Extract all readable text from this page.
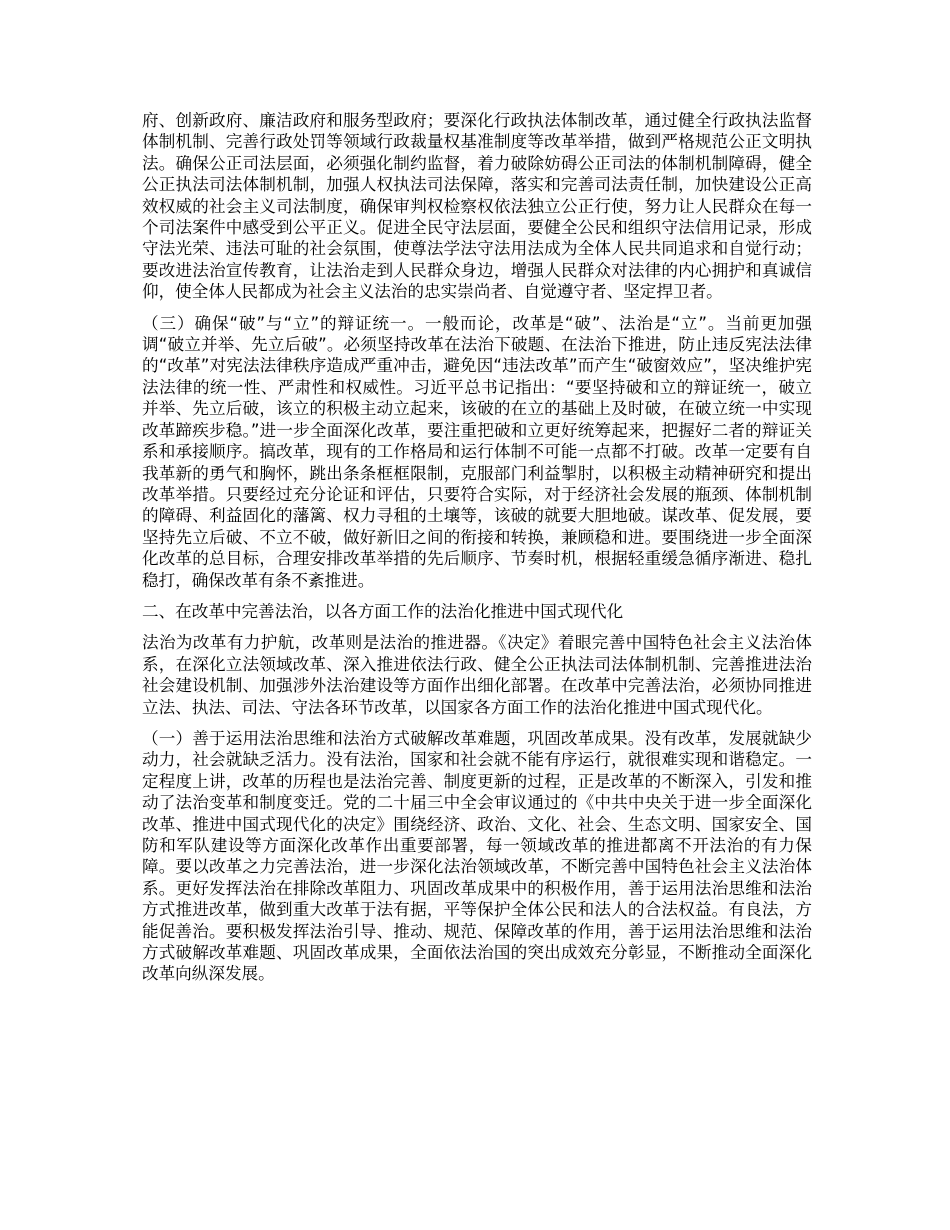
府、创新政府、廉洁政府和服务型政府；要深化行政执法体制改革，通过健全行政执法监督体制机制、完善行政处罚等领域行政裁量权基准制度等改革举措，做到严格规范公正文明执法。确保公正司法层面，必须强化制约监督，着力破除妨碍公正司法的体制机制障碍，健全公正执法司法体制机制，加强人权执法司法保障，落实和完善司法责任制，加快建设公正高效权威的社会主义司法制度，确保审判权检察权依法独立公正行使，努力让人民群众在每一个司法案件中感受到公平正义。促进全民守法层面，要健全公民和组织守法信用记录，形成守法光荣、违法可耻的社会氛围，使尊法学法守法用法成为全体人民共同追求和自觉行动；要改进法治宣传教育，让法治走到人民群众身边，增强人民群众对法律的内心拥护和真诚信仰，使全体人民都成为社会主义法治的忠实崇尚者、自觉遵守者、坚定捍卫者。

（三）确保“破”与“立”的辩证统一。一般而论，改革是“破”、法治是“立”。当前更加强调“破立并举、先立后破”。必须坚持改革在法治下破题、在法治下推进，防止违反宪法法律的“改革”对宪法法律秩序造成严重冲击，避免因“违法改革”而产生“破窗效应”，坚决维护宪法法律的统一性、严肃性和权威性。习近平总书记指出：“要坚持破和立的辩证统一，破立并举、先立后破，该立的积极主动立起来，该破的在立的基础上及时破，在破立统一中实现改革蹄疾步稳。”进一步全面深化改革，要注重把破和立更好统筹起来，把握好二者的辩证关系和承接顺序。搞改革，现有的工作格局和运行体制不可能一点都不打破。改革一定要有自我革新的勇气和胸怀，跳出条条框框限制，克服部门利益掣肘，以积极主动精神研究和提出改革举措。只要经过充分论证和评估，只要符合实际，对于经济社会发展的瓶颈、体制机制的障碍、利益固化的藩篱、权力寻租的土壤等，该破的就要大胆地破。谋改革、促发展，要坚持先立后破、不立不破，做好新旧之间的衔接和转换，兼顾稳和进。要围绕进一步全面深化改革的总目标，合理安排改革举措的先后顺序、节奏时机，根据轻重缓急循序渐进、稳扎稳打，确保改革有条不紊推进。

二、在改革中完善法治，以各方面工作的法治化推进中国式现代化

法治为改革有力护航，改革则是法治的推进器。《决定》着眼完善中国特色社会主义法治体系，在深化立法领域改革、深入推进依法行政、健全公正执法司法体制机制、完善推进法治社会建设机制、加强涉外法治建设等方面作出细化部署。在改革中完善法治，必须协同推进立法、执法、司法、守法各环节改革，以国家各方面工作的法治化推进中国式现代化。

（一）善于运用法治思维和法治方式破解改革难题，巩固改革成果。没有改革，发展就缺少动力，社会就缺乏活力。没有法治，国家和社会就不能有序运行，就很难实现和谐稳定。一定程度上讲，改革的历程也是法治完善、制度更新的过程，正是改革的不断深入，引发和推动了法治变革和制度变迁。党的二十届三中全会审议通过的《中共中央关于进一步全面深化改革、推进中国式现代化的决定》围绕经济、政治、文化、社会、生态文明、国家安全、国防和军队建设等方面深化改革作出重要部署，每一领域改革的推进都离不开法治的有力保障。要以改革之力完善法治，进一步深化法治领域改革，不断完善中国特色社会主义法治体系。更好发挥法治在排除改革阻力、巩固改革成果中的积极作用，善于运用法治思维和法治方式推进改革，做到重大改革于法有据，平等保护全体公民和法人的合法权益。有良法，方能促善治。要积极发挥法治引导、推动、规范、保障改革的作用，善于运用法治思维和法治方式破解改革难题、巩固改革成果，全面依法治国的突出成效充分彰显，不断推动全面深化改革向纵深发展。
